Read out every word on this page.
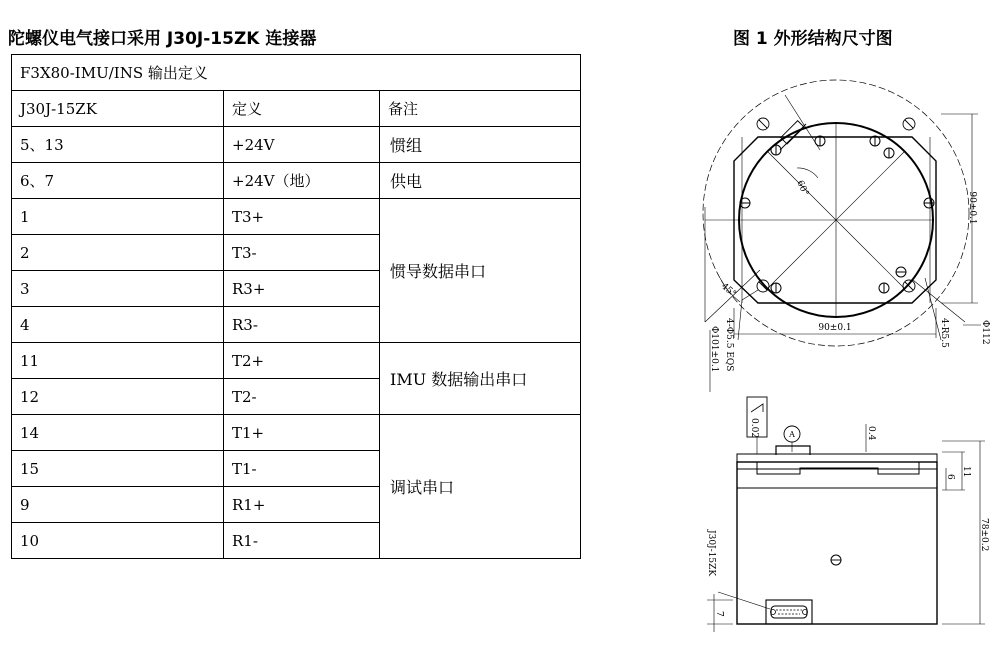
陀螺仪电气接口采用 J30J-15ZK 连接器	图 1 外形结构尺寸图
F3X80-IMU/INS 输出定义		
J30J-15ZK	定义	备注
5、13	+24V	惯组
6、7	+24V（地）	供电
1	T3+	惯导数据串口
2	T3-	
3	R3+	
4	R3-	
11	T2+	IMU 数据输出串口
12	T2-	
14	T1+	调试串口
15	T1-	
9	R1+	
10	R1-	
60°
45°
90±0.1
90±0.1	Φ112
Φ101±0.1 4-Φ5.5 EQS	4-R5.5
0.02	A	0.4
11
6
78±0.2
J30J-15ZK
7
